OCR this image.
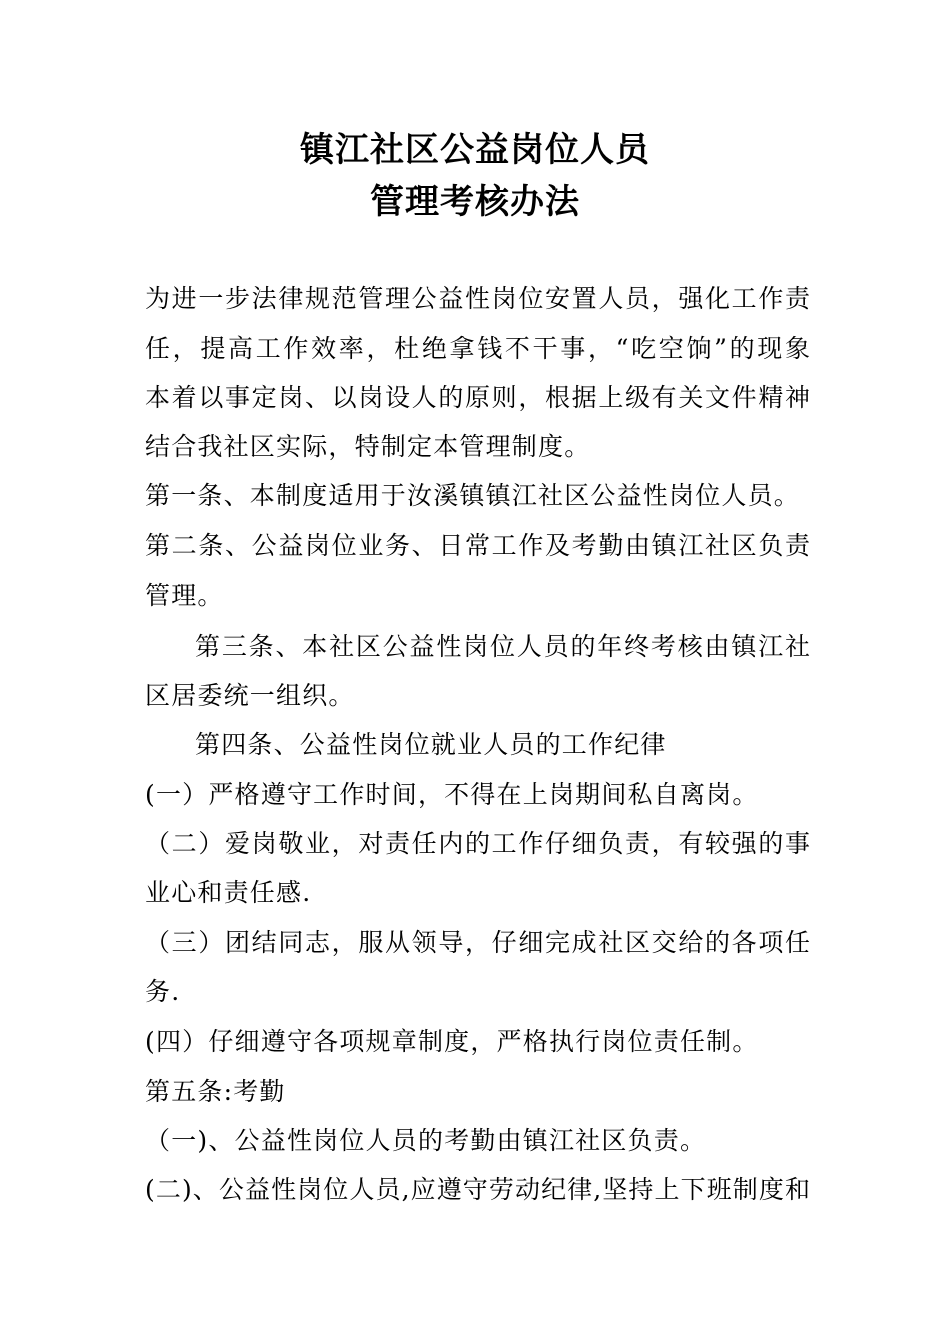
镇江社区公益岗位人员
管理考核办法
为进一步法律规范管理公益性岗位安置人员，强化工作责
任，提高工作效率，杜绝拿钱不干事，“吃空饷”的现象
本着以事定岗、以岗设人的原则，根据上级有关文件精神
结合我社区实际，特制定本管理制度。
第一条、本制度适用于汝溪镇镇江社区公益性岗位人员。
第二条、公益岗位业务、日常工作及考勤由镇江社区负责
管理。
第三条、本社区公益性岗位人员的年终考核由镇江社
区居委统一组织。
第四条、公益性岗位就业人员的工作纪律
(一）严格遵守工作时间，不得在上岗期间私自离岗。
（二）爱岗敬业，对责任内的工作仔细负责，有较强的事
业心和责任感.
（三）团结同志，服从领导，仔细完成社区交给的各项任
务.
(四）仔细遵守各项规章制度，严格执行岗位责任制。
第五条:考勤
（一)、公益性岗位人员的考勤由镇江社区负责。
(二)、公益性岗位人员,应遵守劳动纪律,坚持上下班制度和
